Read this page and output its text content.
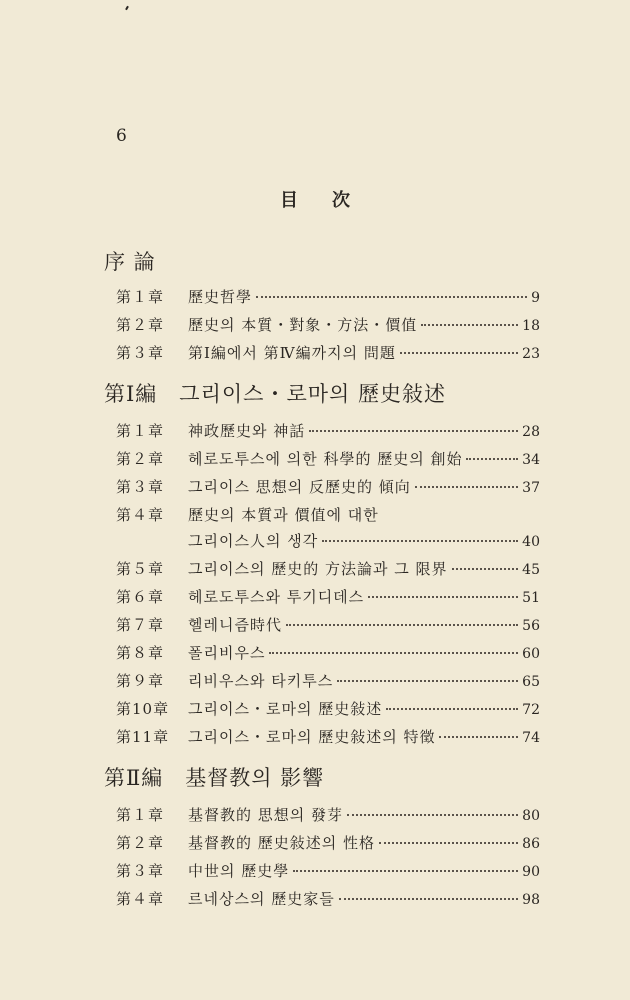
6
目次
序 論
第１章	歷史哲學	9
第２章	歷史의 本質・對象・方法・價值	18
第３章	第Ⅰ編에서 第Ⅳ編까지의 問題	23
第Ⅰ編　그리이스・로마의 歷史敍述
第１章	神政歷史와 神話	28
第２章	헤로도투스에 의한 科學的 歷史의 創始	34
第３章	그리이스 思想의 反歷史的 傾向	37
第４章	歷史의 本質과 價值에 대한
그리이스人의 생각	40
第５章	그리이스의 歷史的 方法論과 그 限界	45
第６章	헤로도투스와 투기디데스	51
第７章	헬레니즘時代	56
第８章	폴리비우스	60
第９章	리비우스와 타키투스	65
第10章	그리이스・로마의 歷史敍述	72
第11章	그리이스・로마의 歷史敍述의 特徵	74
第Ⅱ編　基督教의 影響
第１章	基督教的 思想의 發芽	80
第２章	基督教的 歷史敍述의 性格	86
第３章	中世의 歷史學	90
第４章	르네상스의 歷史家들	98
